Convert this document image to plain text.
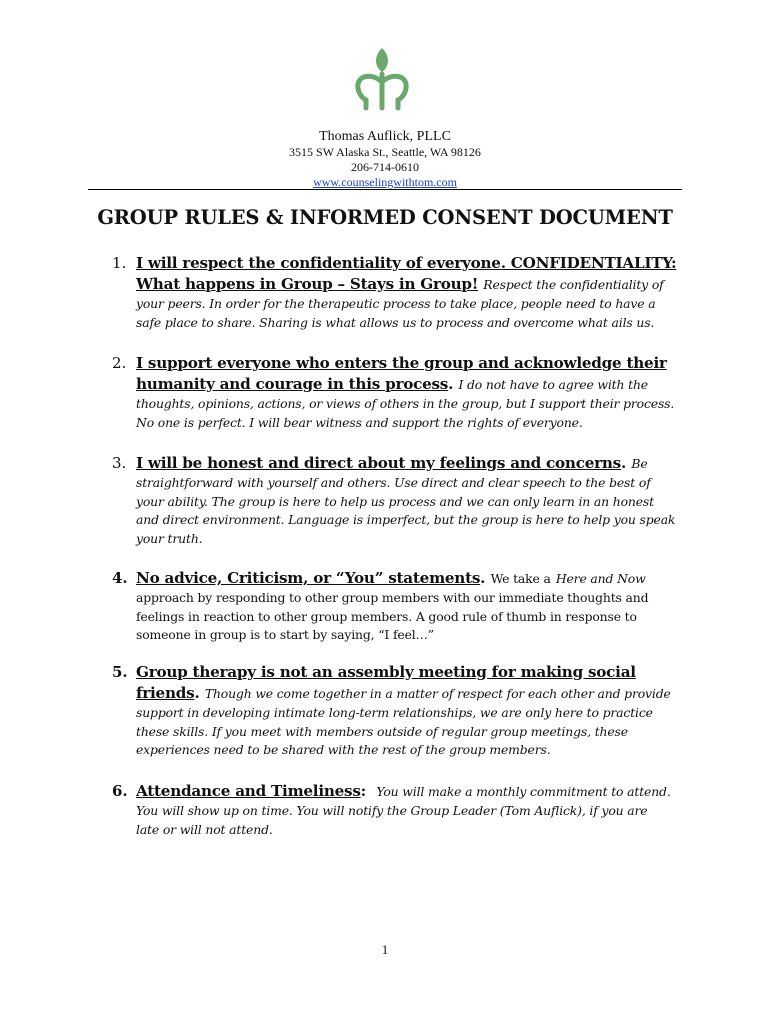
Thomas Auflick, PLLC
3515 SW Alaska St., Seattle, WA 98126
206-714-0610
www.counselingwithtom.com
GROUP RULES & INFORMED CONSENT DOCUMENT
1. I will respect the confidentiality of everyone. CONFIDENTIALITY:
What happens in Group – Stays in Group! Respect the confidentiality of
your peers. In order for the therapeutic process to take place, people need to have a
safe place to share. Sharing is what allows us to process and overcome what ails us.
2. I support everyone who enters the group and acknowledge their
humanity and courage in this process. I do not have to agree with the
thoughts, opinions, actions, or views of others in the group, but I support their process.
No one is perfect. I will bear witness and support the rights of everyone.
3. I will be honest and direct about my feelings and concerns. Be
straightforward with yourself and others. Use direct and clear speech to the best of
your ability. The group is here to help us process and we can only learn in an honest
and direct environment. Language is imperfect, but the group is here to help you speak
your truth.
4. No advice, Criticism, or “You” statements. We take a Here and Now
approach by responding to other group members with our immediate thoughts and
feelings in reaction to other group members. A good rule of thumb in response to
someone in group is to start by saying, “I feel…”
5. Group therapy is not an assembly meeting for making social
friends. Though we come together in a matter of respect for each other and provide
support in developing intimate long-term relationships, we are only here to practice
these skills. If you meet with members outside of regular group meetings, these
experiences need to be shared with the rest of the group members.
6. Attendance and Timeliness: You will make a monthly commitment to attend.
You will show up on time. You will notify the Group Leader (Tom Auflick), if you are
late or will not attend.
1
